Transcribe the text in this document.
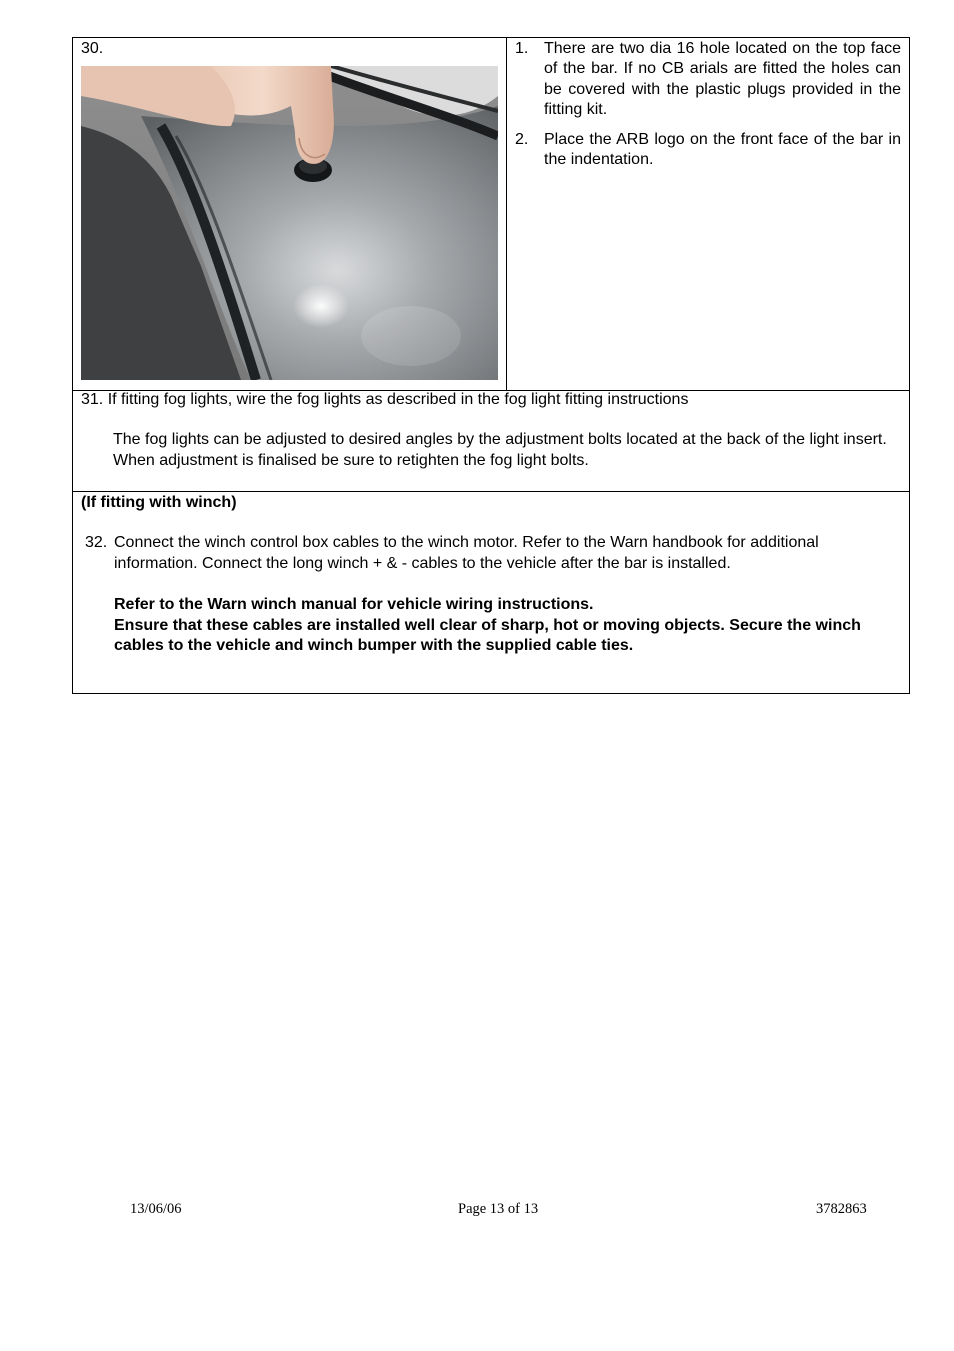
30.	1. There are two dia 16 hole located on the top face of the bar. If no CB arials are fitted the holes can be covered with the plastic plugs provided in the fitting kit.
2. Place the ARB logo on the front face of the bar in the indentation.
31. If fitting fog lights, wire the fog lights as described in the fog light fitting instructions
The fog lights can be adjusted to desired angles by the adjustment bolts located at the back of the light insert. When adjustment is finalised be sure to retighten the fog light bolts.
(If fitting with winch)
32. Connect the winch control box cables to the winch motor. Refer to the Warn handbook for additional information. Connect the long winch + & - cables to the vehicle after the bar is installed.
Refer to the Warn winch manual for vehicle wiring instructions.
Ensure that these cables are installed well clear of sharp, hot or moving objects. Secure the winch cables to the vehicle and winch bumper with the supplied cable ties.
13/06/06	Page 13 of 13	3782863
